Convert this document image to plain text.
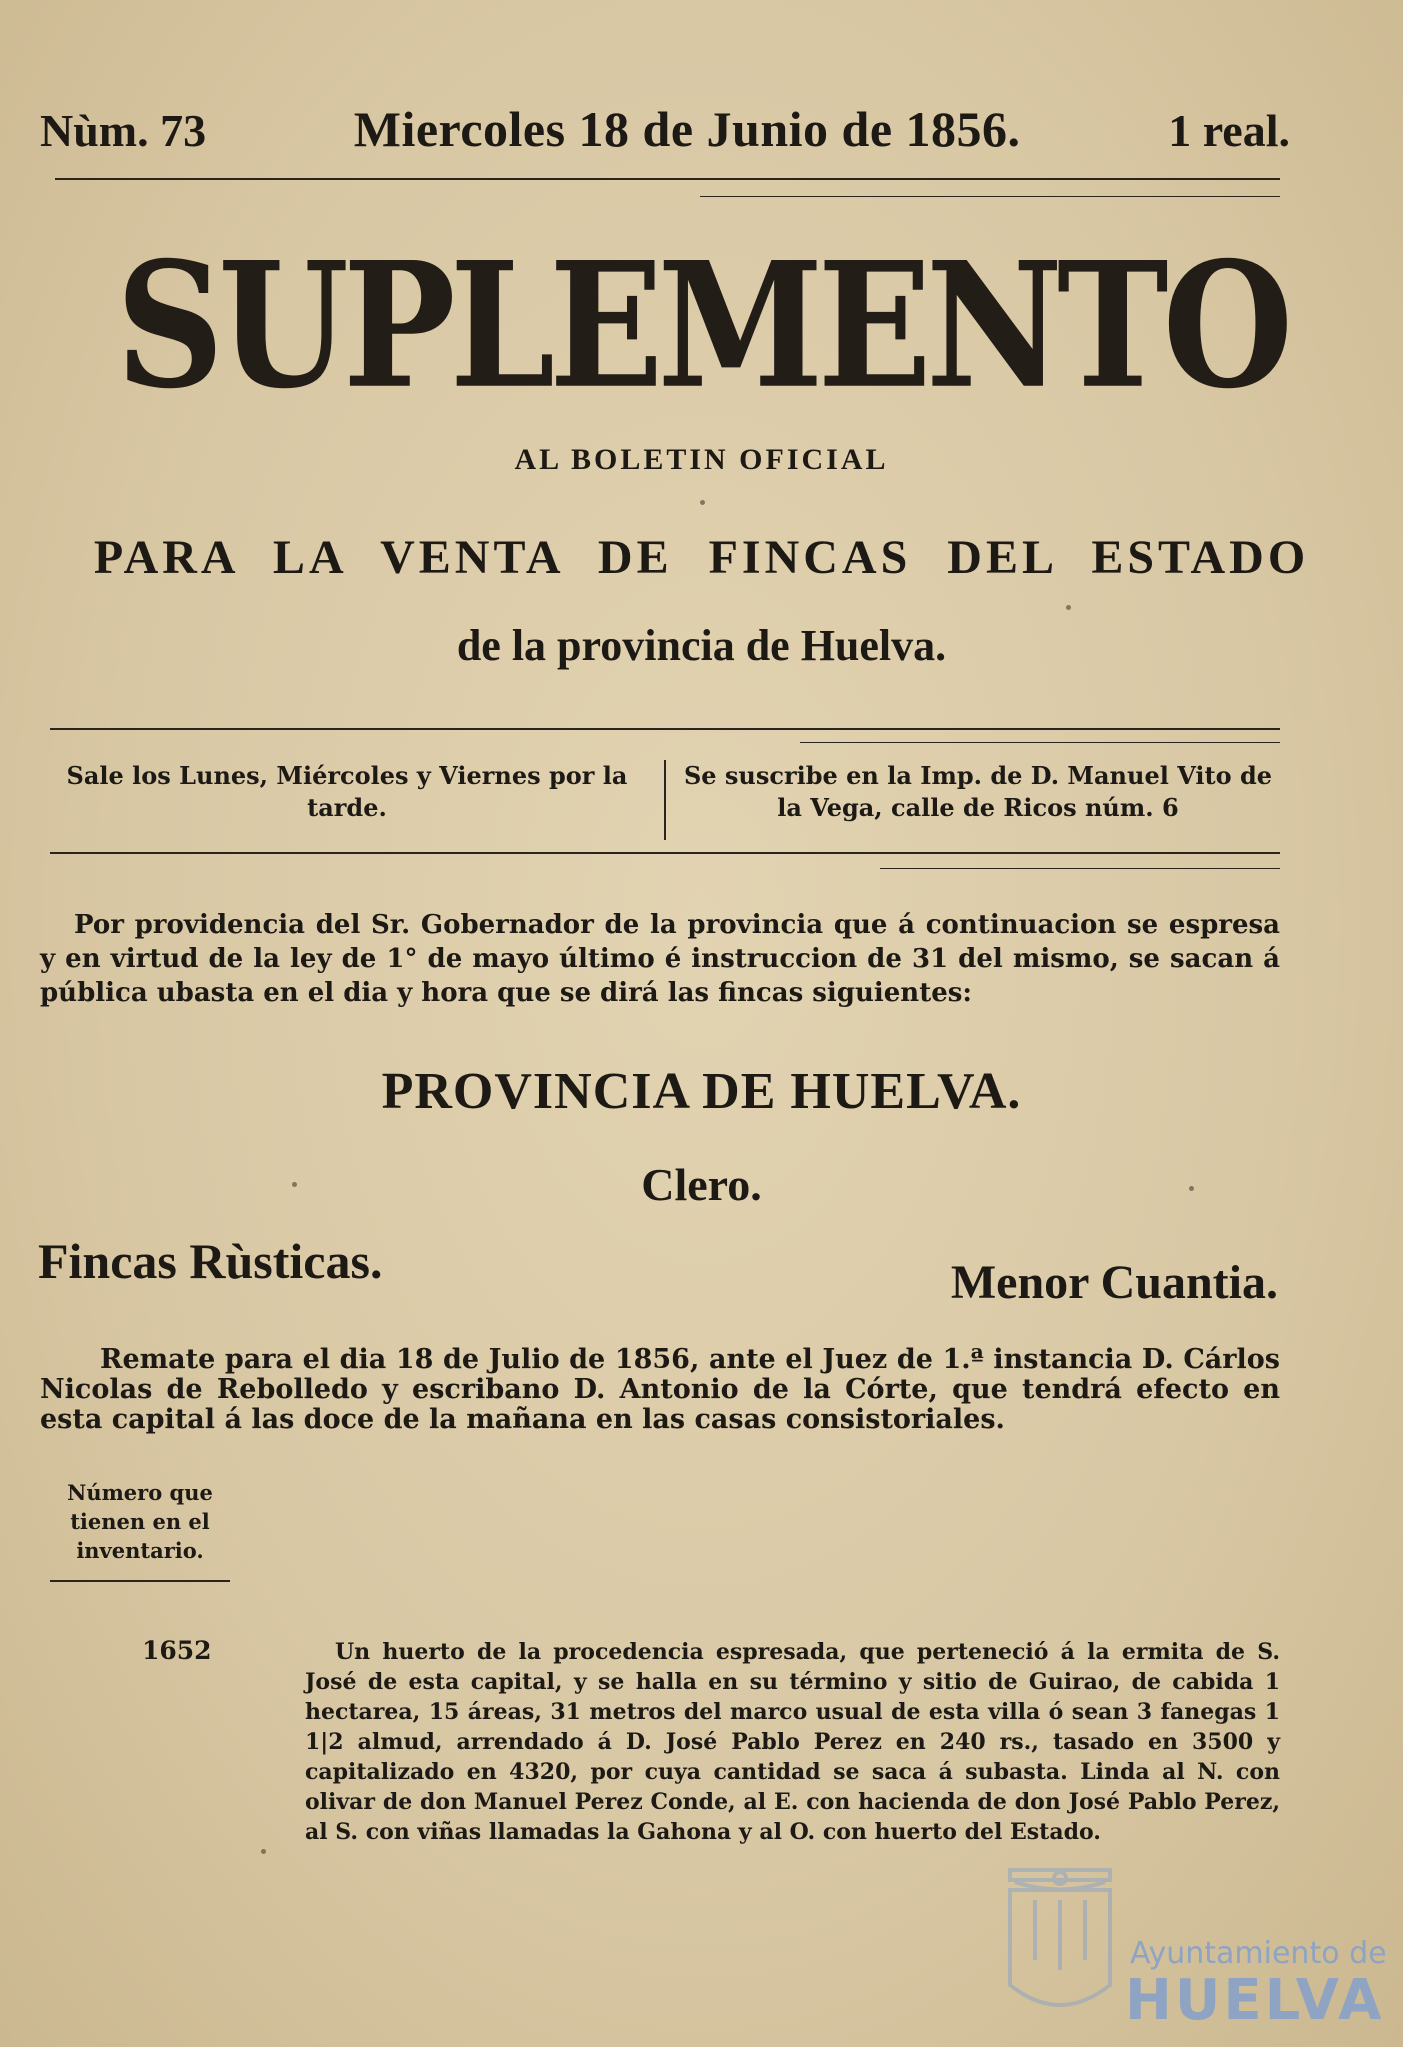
Nùm. 73	Miercoles 18 de Junio de 1856.	1 real.
SUPLEMENTO
AL BOLETIN OFICIAL
PARA LA VENTA DE FINCAS DEL ESTADO
de la provincia de Huelva.
Sale los Lunes, Miércoles y Viernes por la tarde.
Se suscribe en la Imp. de D. Manuel Vito de la Vega, calle de Ricos núm. 6
Por providencia del Sr. Gobernador de la provincia que á continuacion se espresa y en virtud de la ley de 1° de mayo último é instruccion de 31 del mismo, se sacan á pública ubasta en el dia y hora que se dirá las fincas siguientes:
PROVINCIA DE HUELVA.
Clero.
Fincas Rùsticas.	Menor Cuantia.
Remate para el dia 18 de Julio de 1856, ante el Juez de 1.ª instancia D. Cárlos Nicolas de Rebolledo y escribano D. Antonio de la Córte, que tendrá efecto en esta capital á las doce de la mañana en las casas consistoriales.
Número que tienen en el inventario.
1652	Un huerto de la procedencia espresada, que perteneció á la ermita de S. José de esta capital, y se halla en su término y sitio de Guirao, de cabida 1 hectarea, 15 áreas, 31 metros del marco usual de esta villa ó sean 3 fanegas 1 1|2 almud, arrendado á D. José Pablo Perez en 240 rs., tasado en 3500 y capitalizado en 4320, por cuya cantidad se saca á subasta. Linda al N. con olivar de don Manuel Perez Conde, al E. con hacienda de don José Pablo Perez, al S. con viñas llamadas la Gahona y al O. con huerto del Estado.
Ayuntamiento de
HUELVA
